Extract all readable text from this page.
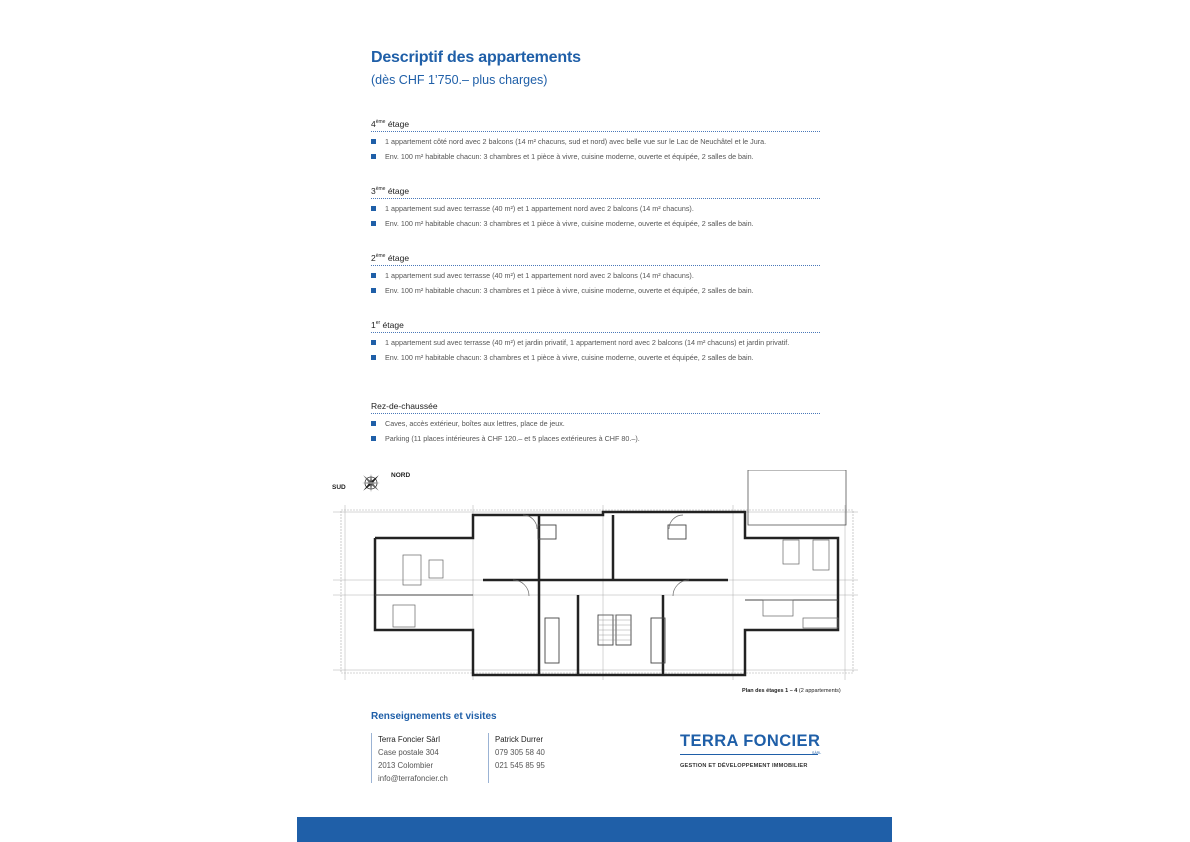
Descriptif des appartements
(dès CHF 1’750.– plus charges)
4ème étage
1 appartement côté nord avec 2 balcons (14 m² chacuns, sud et nord) avec belle vue sur le Lac de Neuchâtel et le Jura.
Env. 100 m² habitable chacun: 3 chambres et 1 pièce à vivre, cuisine moderne, ouverte et équipée, 2 salles de bain.
3ème étage
1 appartement sud avec terrasse (40 m²) et 1 appartement nord avec 2 balcons (14 m² chacuns).
Env. 100 m² habitable chacun: 3 chambres et 1 pièce à vivre, cuisine moderne, ouverte et équipée, 2 salles de bain.
2ème étage
1 appartement sud avec terrasse (40 m²) et 1 appartement nord avec 2 balcons (14 m² chacuns).
Env. 100 m² habitable chacun: 3 chambres et 1 pièce à vivre, cuisine moderne, ouverte et équipée, 2 salles de bain.
1er étage
1 appartement sud avec terrasse (40 m²) et jardin privatif, 1 appartement nord avec 2 balcons (14 m² chacuns) et jardin privatif.
Env. 100 m² habitable chacun: 3 chambres et 1 pièce à vivre, cuisine moderne, ouverte et équipée, 2 salles de bain.
Rez-de-chaussée
Caves, accès extérieur, boîtes aux lettres, place de jeux.
Parking (11 places intérieures à CHF 120.– et 5 places extérieures à CHF 80.–).
SUD
NORD
Plan des étages 1 – 4 (2 appartements)
Renseignements et visites
Terra Foncier Sàrl
Case postale 304
2013 Colombier
info@terrafoncier.ch
Patrick Durrer
079 305 58 40
021 545 85 95
TERRA FONCIER
SÀRL
GESTION ET DÉVELOPPEMENT IMMOBILIER
